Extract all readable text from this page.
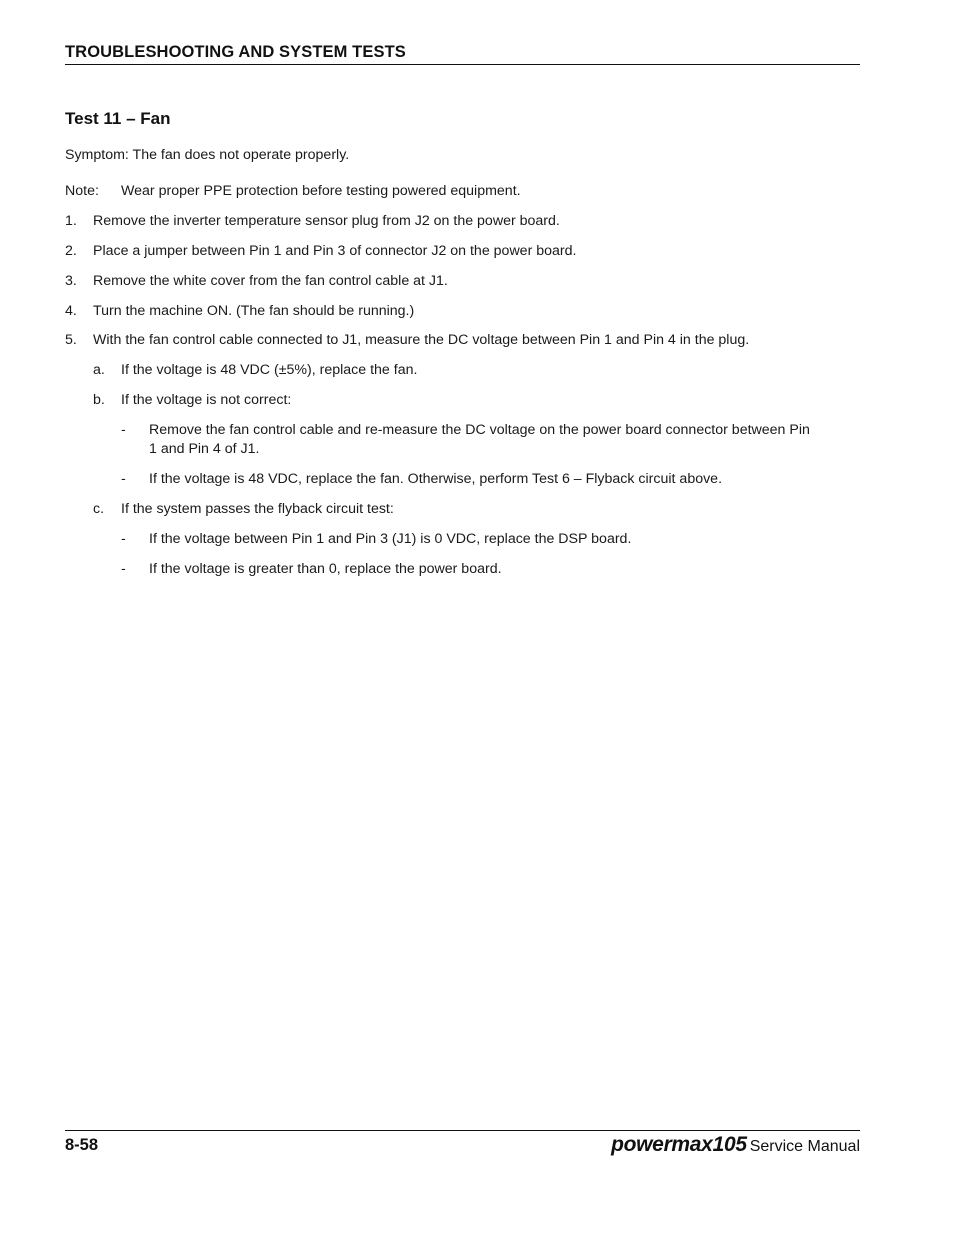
TROUBLESHOOTING AND SYSTEM TESTS
Test 11 – Fan
Symptom: The fan does not operate properly.
Note: Wear proper PPE protection before testing powered equipment.
1. Remove the inverter temperature sensor plug from J2 on the power board.
2. Place a jumper between Pin 1 and Pin 3 of connector J2 on the power board.
3. Remove the white cover from the fan control cable at J1.
4. Turn the machine ON. (The fan should be running.)
5. With the fan control cable connected to J1, measure the DC voltage between Pin 1 and Pin 4 in the plug.
a. If the voltage is 48 VDC (±5%), replace the fan.
b. If the voltage is not correct:
- Remove the fan control cable and re-measure the DC voltage on the power board connector between Pin
1 and Pin 4 of J1.
- If the voltage is 48 VDC, replace the fan. Otherwise, perform Test 6 – Flyback circuit above.
c. If the system passes the flyback circuit test:
- If the voltage between Pin 1 and Pin 3 (J1) is 0 VDC, replace the DSP board.
- If the voltage is greater than 0, replace the power board.
8-58	powermax105 Service Manual
